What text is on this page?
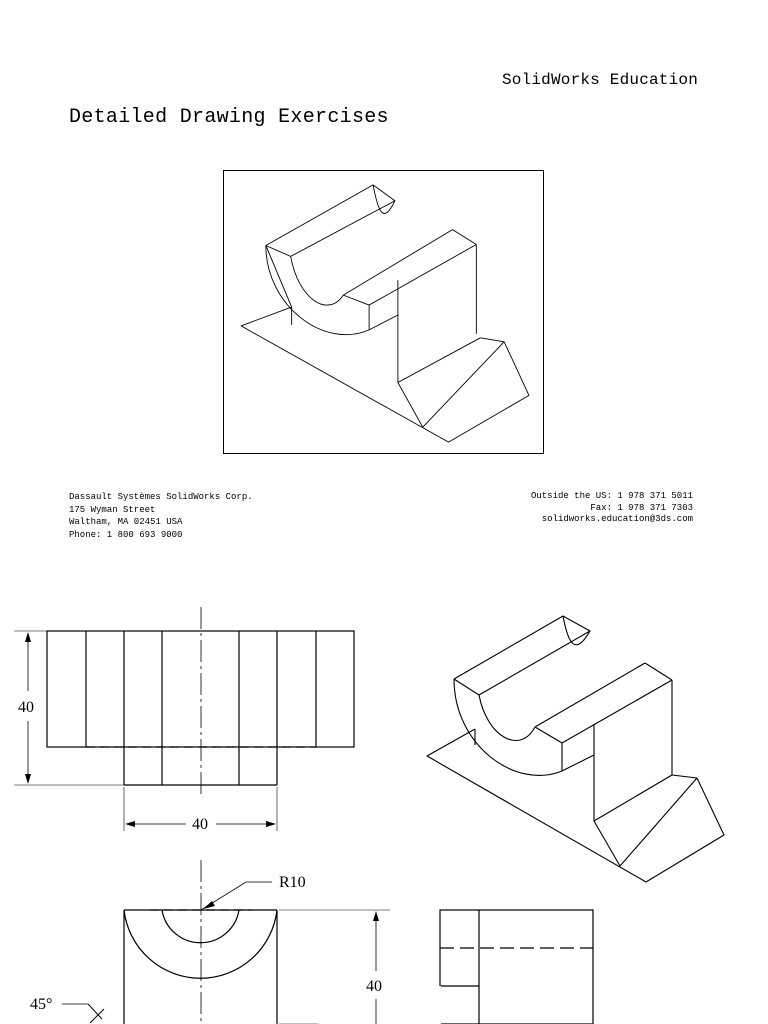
SolidWorks Education
Detailed Drawing Exercises
Dassault Systèmes SolidWorks Corp.
175 Wyman Street
Waltham, MA 02451 USA
Phone: 1 800 693 9000
Outside the US: 1 978 371 5011
Fax: 1 978 371 7303
solidworks.education@3ds.com
40
40
R10
40
45°
